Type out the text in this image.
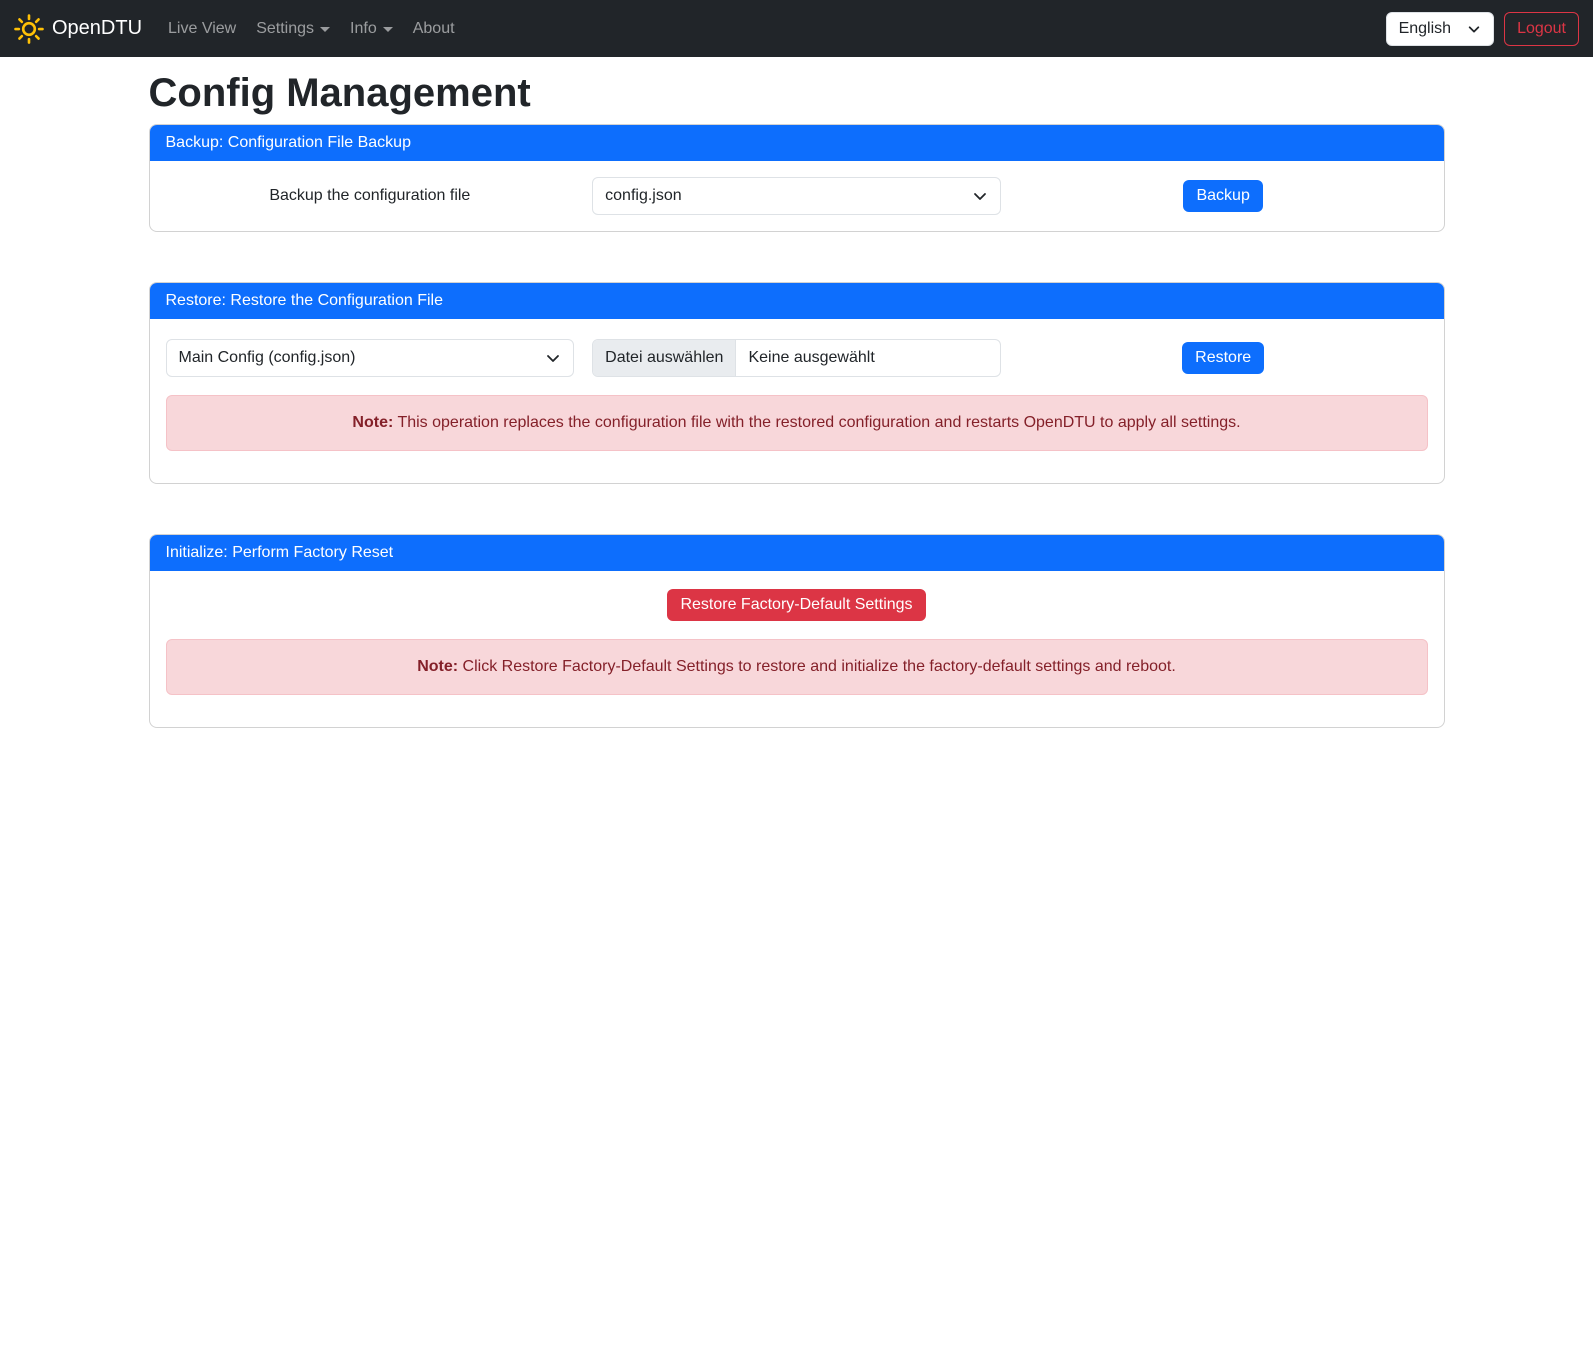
OpenDTU Live View Settings Info About	English	Logout
Config Management
Backup: Configuration File Backup
Backup the configuration file	config.json	Backup
Restore: Restore the Configuration File
Main Config (config.json)	Datei auswählen	Keine ausgewählt	Restore
Note: This operation replaces the configuration file with the restored configuration and restarts OpenDTU to apply all settings.
Initialize: Perform Factory Reset
Restore Factory-Default Settings
Note: Click Restore Factory-Default Settings to restore and initialize the factory-default settings and reboot.
